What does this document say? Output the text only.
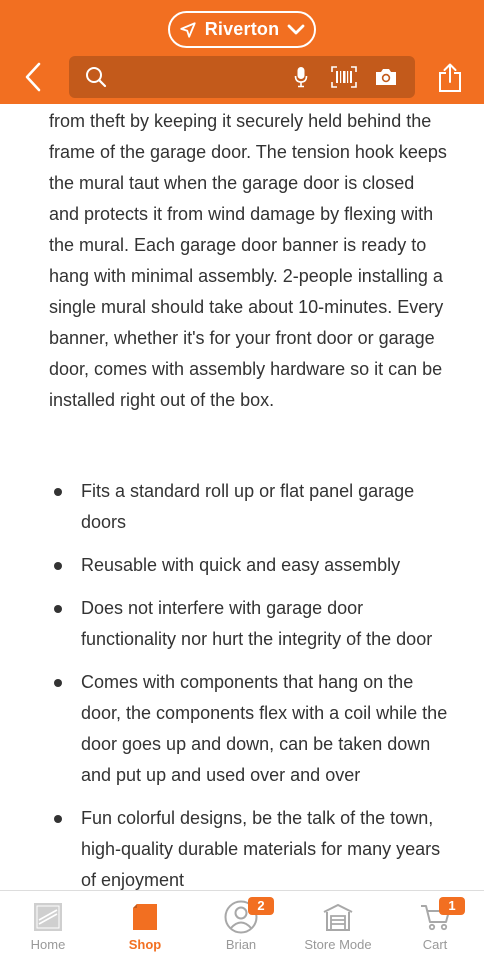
Riverton

from theft by keeping it securely held behind the frame of the garage door. The tension hook keeps the mural taut when the garage door is closed and protects it from wind damage by flexing with the mural. Each garage door banner is ready to hang with minimal assembly. 2-people installing a single mural should take about 10-minutes. Every banner, whether it's for your front door or garage door, comes with assembly hardware so it can be installed right out of the box.

Fits a standard roll up or flat panel garage doors
Reusable with quick and easy assembly
Does not interfere with garage door functionality nor hurt the integrity of the door
Comes with components that hang on the door, the components flex with a coil while the door goes up and down, can be taken down and put up and used over and over
Fun colorful designs, be the talk of the town, high-quality durable materials for many years of enjoyment
Home	Shop
2
Brian	Store Mode
1
Cart
